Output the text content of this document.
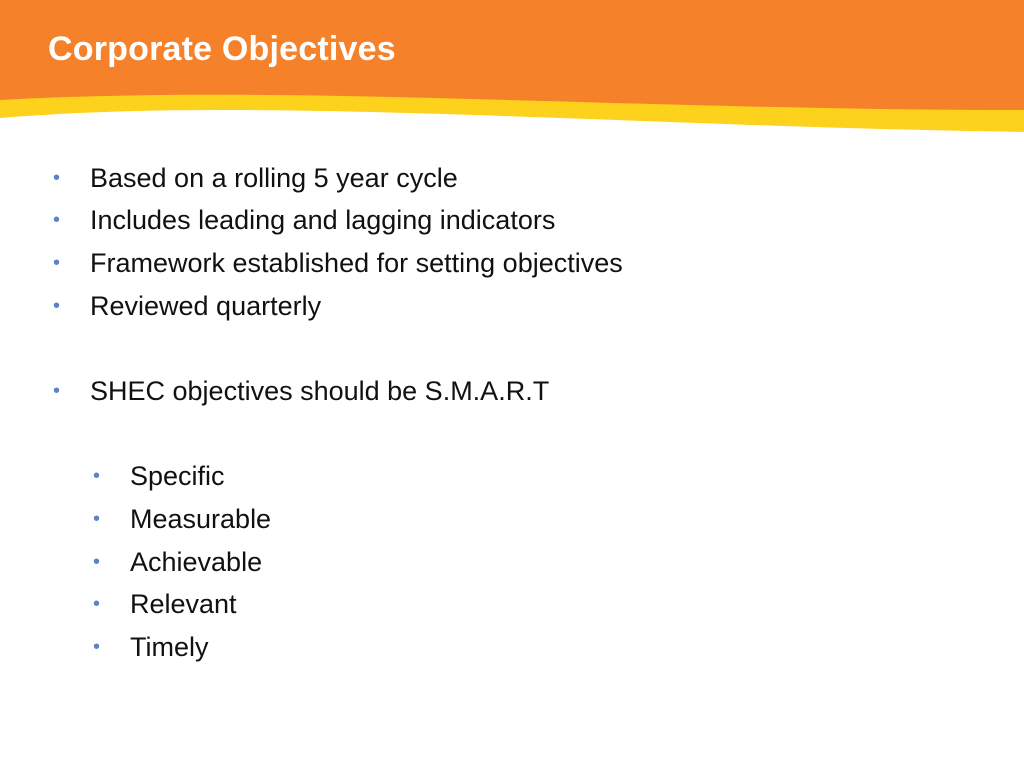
Corporate Objectives
• Based on a rolling 5 year cycle
• Includes leading and lagging indicators
• Framework established for setting objectives
• Reviewed quarterly
• SHEC objectives should be S.M.A.R.T
• Specific
• Measurable
• Achievable
• Relevant
• Timely
